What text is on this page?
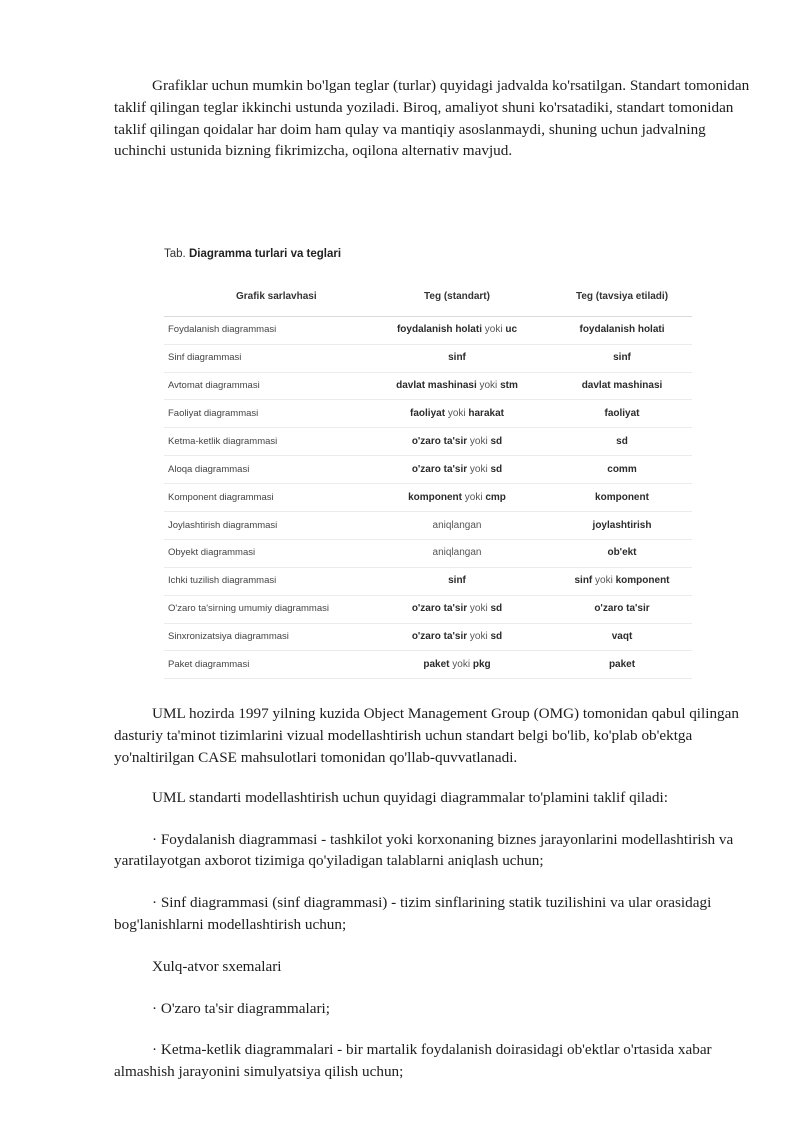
Grafiklar uchun mumkin bo'lgan teglar (turlar) quyidagi jadvalda ko'rsatilgan. Standart tomonidan taklif qilingan teglar ikkinchi ustunda yoziladi. Biroq, amaliyot shuni ko'rsatadiki, standart tomonidan taklif qilingan qoidalar har doim ham qulay va mantiqiy asoslanmaydi, shuning uchun jadvalning uchinchi ustunida bizning fikrimizcha, oqilona alternativ mavjud.

Tab. Diagramma turlari va teglari
Grafik sarlavhasi	Teg (standart)	Teg (tavsiya etiladi)
Foydalanish diagrammasi	foydalanish holati yoki uc	foydalanish holati
Sinf diagrammasi	sinf	sinf
Avtomat diagrammasi	davlat mashinasi yoki stm	davlat mashinasi
Faoliyat diagrammasi	faoliyat yoki harakat	faoliyat
Ketma-ketlik diagrammasi	o'zaro ta'sir yoki sd	sd
Aloqa diagrammasi	o'zaro ta'sir yoki sd	comm
Komponent diagrammasi	komponent yoki cmp	komponent
Joylashtirish diagrammasi	aniqlangan	joylashtirish
Obyekt diagrammasi	aniqlangan	ob'ekt
Ichki tuzilish diagrammasi	sinf	sinf yoki komponent
O'zaro ta'sirning umumiy diagrammasi	o'zaro ta'sir yoki sd	o'zaro ta'sir
Sinxronizatsiya diagrammasi	o'zaro ta'sir yoki sd	vaqt
Paket diagrammasi	paket yoki pkg	paket

UML hozirda 1997 yilning kuzida Object Management Group (OMG) tomonidan qabul qilingan dasturiy ta'minot tizimlarini vizual modellashtirish uchun standart belgi bo'lib, ko'plab ob'ektga yo'naltirilgan CASE mahsulotlari tomonidan qo'llab-quvvatlanadi.

UML standarti modellashtirish uchun quyidagi diagrammalar to'plamini taklif qiladi:

· Foydalanish diagrammasi - tashkilot yoki korxonaning biznes jarayonlarini modellashtirish va yaratilayotgan axborot tizimiga qo'yiladigan talablarni aniqlash uchun;

· Sinf diagrammasi (sinf diagrammasi) - tizim sinflarining statik tuzilishini va ular orasidagi bog'lanishlarni modellashtirish uchun;

Xulq-atvor sxemalari

· O'zaro ta'sir diagrammalari;

· Ketma-ketlik diagrammalari - bir martalik foydalanish doirasidagi ob'ektlar o'rtasida xabar almashish jarayonini simulyatsiya qilish uchun;
